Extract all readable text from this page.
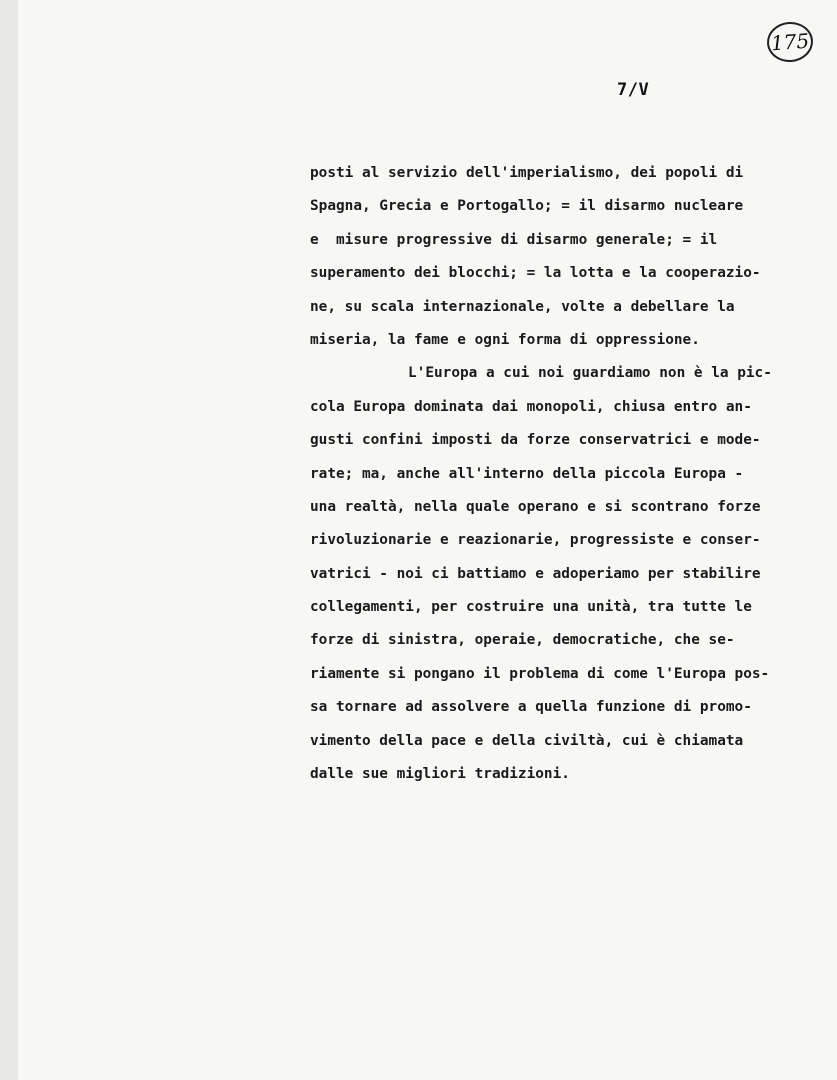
175
7/V
posti al servizio dell'imperialismo, dei popoli di
Spagna, Grecia e Portogallo; = il disarmo nucleare
e  misure progressive di disarmo generale; = il
superamento dei blocchi; = la lotta e la cooperazio-
ne, su scala internazionale, volte a debellare la
miseria, la fame e ogni forma di oppressione.
L'Europa a cui noi guardiamo non è la pic-
cola Europa dominata dai monopoli, chiusa entro an-
gusti confini imposti da forze conservatrici e mode-
rate; ma, anche all'interno della piccola Europa -
una realtà, nella quale operano e si scontrano forze
rivoluzionarie e reazionarie, progressiste e conser-
vatrici - noi ci battiamo e adoperiamo per stabilire
collegamenti, per costruire una unità, tra tutte le
forze di sinistra, operaie, democratiche, che se-
riamente si pongano il problema di come l'Europa pos-
sa tornare ad assolvere a quella funzione di promo-
vimento della pace e della civiltà, cui è chiamata
dalle sue migliori tradizioni.
